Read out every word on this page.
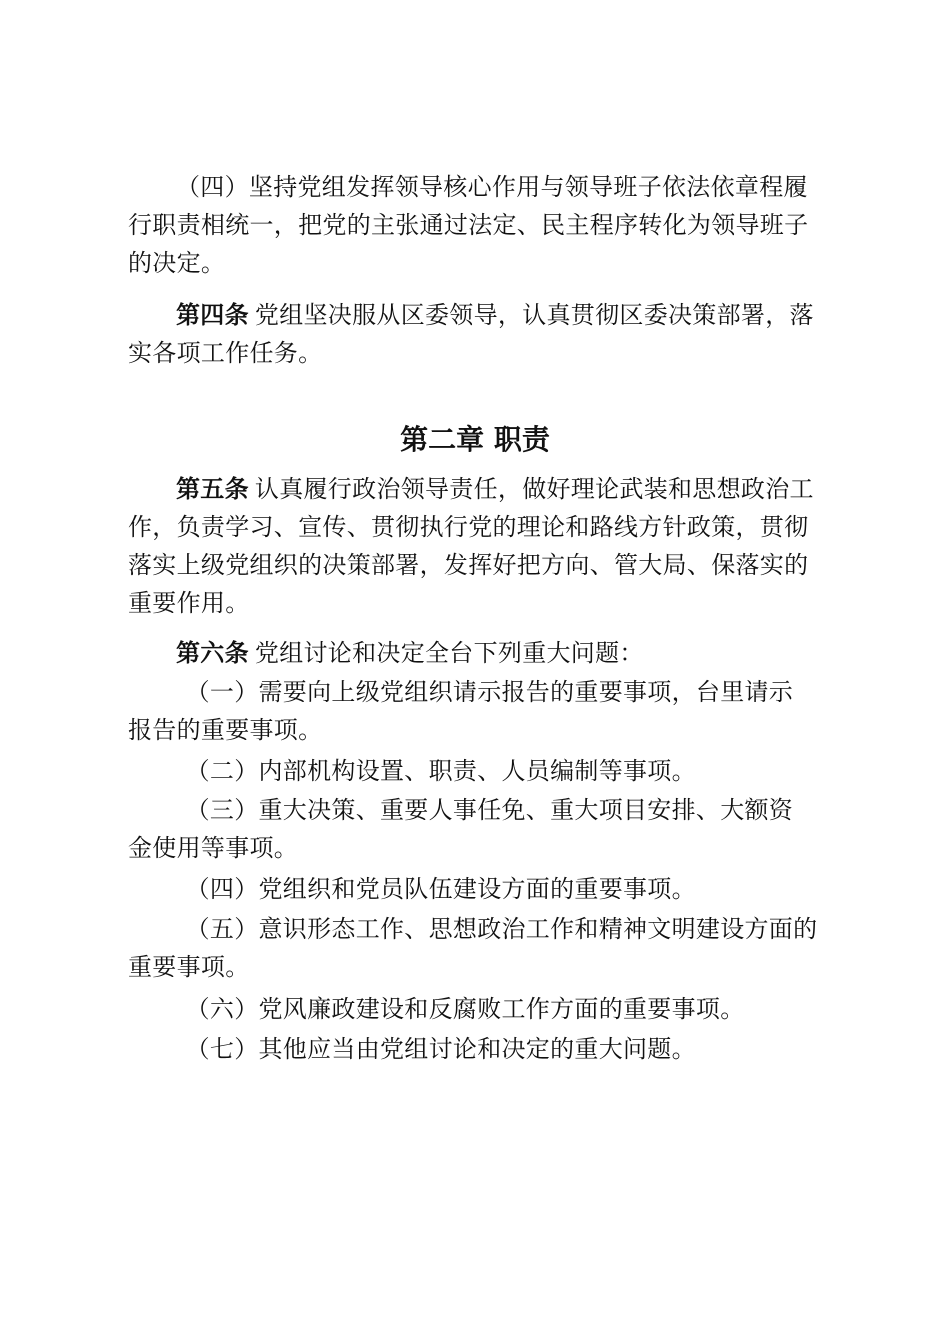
（四）坚持党组发挥领导核心作用与领导班子依法依章程履行职责相统一，把党的主张通过法定、民主程序转化为领导班子的决定。

第四条 党组坚决服从区委领导，认真贯彻区委决策部署，落实各项工作任务。

第二章 职责

第五条 认真履行政治领导责任，做好理论武装和思想政治工作，负责学习、宣传、贯彻执行党的理论和路线方针政策，贯彻落实上级党组织的决策部署，发挥好把方向、管大局、保落实的重要作用。

第六条 党组讨论和决定全台下列重大问题：

（一）需要向上级党组织请示报告的重要事项，台里请示报告的重要事项。

（二）内部机构设置、职责、人员编制等事项。

（三）重大决策、重要人事任免、重大项目安排、大额资金使用等事项。

（四）党组织和党员队伍建设方面的重要事项。

（五）意识形态工作、思想政治工作和精神文明建设方面的重要事项。

（六）党风廉政建设和反腐败工作方面的重要事项。

（七）其他应当由党组讨论和决定的重大问题。
